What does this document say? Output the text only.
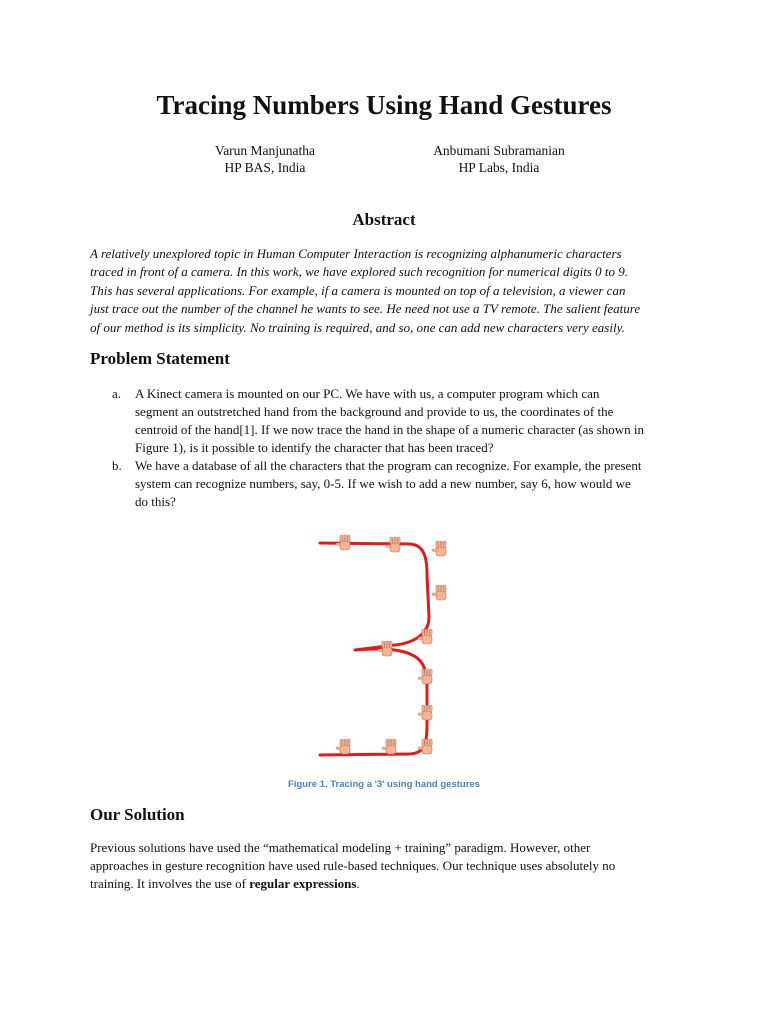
Tracing Numbers Using Hand Gestures
Varun Manjunatha
HP BAS, India
Anbumani Subramanian
HP Labs, India
Abstract
A relatively unexplored topic in Human Computer Interaction is recognizing alphanumeric characters
traced in front of a camera. In this work, we have explored such recognition for numerical digits 0 to 9.
This has several applications. For example, if a camera is mounted on top of a television, a viewer can
just trace out the number of the channel he wants to see. He need not use a TV remote. The salient feature
of our method is its simplicity. No training is required, and so, one can add new characters very easily.
Problem Statement
a. A Kinect camera is mounted on our PC. We have with us, a computer program which can
segment an outstretched hand from the background and provide to us, the coordinates of the
centroid of the hand[1]. If we now trace the hand in the shape of a numeric character (as shown in
Figure 1), is it possible to identify the character that has been traced?
b. We have a database of all the characters that the program can recognize. For example, the present
system can recognize numbers, say, 0-5. If we wish to add a new number, say 6, how would we
do this?
Figure 1. Tracing a '3' using hand gestures
Our Solution
Previous solutions have used the “mathematical modeling + training” paradigm. However, other
approaches in gesture recognition have used rule-based techniques. Our technique uses absolutely no
training. It involves the use of regular expressions.
